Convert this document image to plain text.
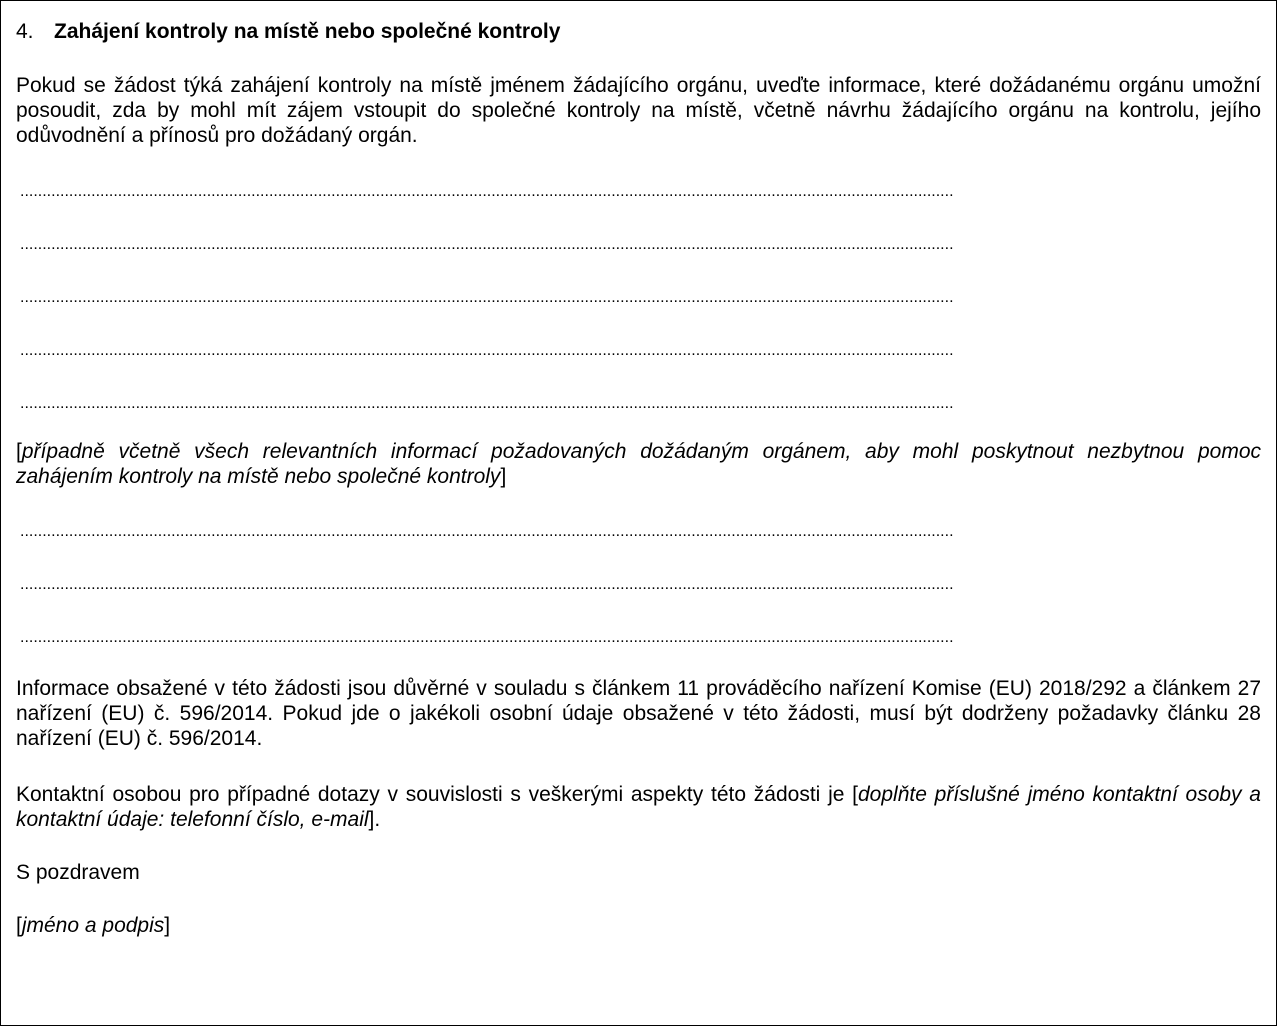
4. Zahájení kontroly na místě nebo společné kontroly
Pokud se žádost týká zahájení kontroly na místě jménem žádajícího orgánu, uveďte informace, které dožádanému orgánu umožní posoudit, zda by mohl mít zájem vstoupit do společné kontroly na místě, včetně návrhu žádajícího orgánu na kontrolu, jejího odůvodnění a přínosů pro dožádaný orgán.
..................................................................................................................................................................................................................
..................................................................................................................................................................................................................
..................................................................................................................................................................................................................
..................................................................................................................................................................................................................
..................................................................................................................................................................................................................
[případně včetně všech relevantních informací požadovaných dožádaným orgánem, aby mohl poskytnout nezbytnou pomoc zahájením kontroly na místě nebo společné kontroly]
..................................................................................................................................................................................................................
..................................................................................................................................................................................................................
..................................................................................................................................................................................................................
Informace obsažené v této žádosti jsou důvěrné v souladu s článkem 11 prováděcího nařízení Komise (EU) 2018/292 a článkem 27 nařízení (EU) č. 596/2014. Pokud jde o jakékoli osobní údaje obsažené v této žádosti, musí být dodrženy požadavky článku 28 nařízení (EU) č. 596/2014.
Kontaktní osobou pro případné dotazy v souvislosti s veškerými aspekty této žádosti je [doplňte příslušné jméno kontaktní osoby a kontaktní údaje: telefonní číslo, e-mail].
S pozdravem
[jméno a podpis]
